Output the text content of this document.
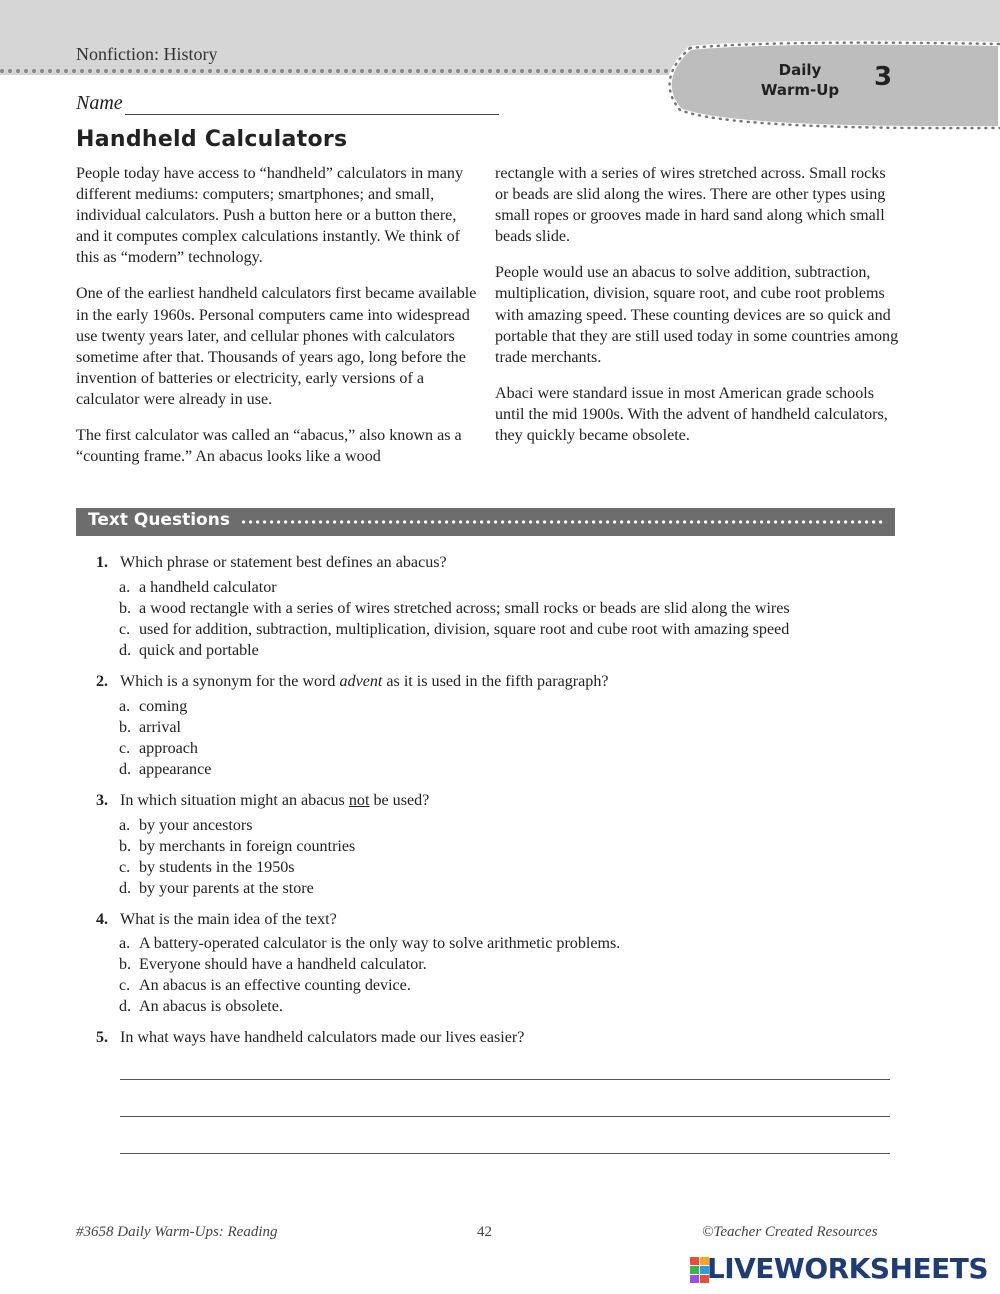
Nonfiction: History
Daily
Warm-Up	3
Name
Handheld Calculators

People today have access to “handheld” calculators in many different mediums: computers; smartphones; and small, individual calculators. Push a button here or a button there, and it computes complex calculations instantly. We think of this as “modern” technology.

One of the earliest handheld calculators first became available in the early 1960s. Personal computers came into widespread use twenty years later, and cellular phones with calculators sometime after that. Thousands of years ago, long before the invention of batteries or electricity, early versions of a calculator were already in use.

The first calculator was called an “abacus,” also known as a “counting frame.” An abacus looks like a wood

rectangle with a series of wires stretched across. Small rocks or beads are slid along the wires. There are other types using small ropes or grooves made in hard sand along which small beads slide.

People would use an abacus to solve addition, subtraction, multiplication, division, square root, and cube root problems with amazing speed. These counting devices are so quick and portable that they are still used today in some countries among trade merchants.

Abaci were standard issue in most American grade schools until the mid 1900s. With the advent of handheld calculators, they quickly became obsolete.

Text Questions
1. Which phrase or statement best defines an abacus?
a. a handheld calculator
b. a wood rectangle with a series of wires stretched across; small rocks or beads are slid along the wires
c. used for addition, subtraction, multiplication, division, square root and cube root with amazing speed
d. quick and portable
2. Which is a synonym for the word advent as it is used in the fifth paragraph?
a. coming
b. arrival
c. approach
d. appearance
3. In which situation might an abacus not be used?
a. by your ancestors
b. by merchants in foreign countries
c. by students in the 1950s
d. by your parents at the store
4. What is the main idea of the text?
a. A battery-operated calculator is the only way to solve arithmetic problems.
b. Everyone should have a handheld calculator.
c. An abacus is an effective counting device.
d. An abacus is obsolete.
5. In what ways have handheld calculators made our lives easier?
#3658 Daily Warm-Ups: Reading	42	©Teacher Created Resources
LIVEWORKSHEETS
